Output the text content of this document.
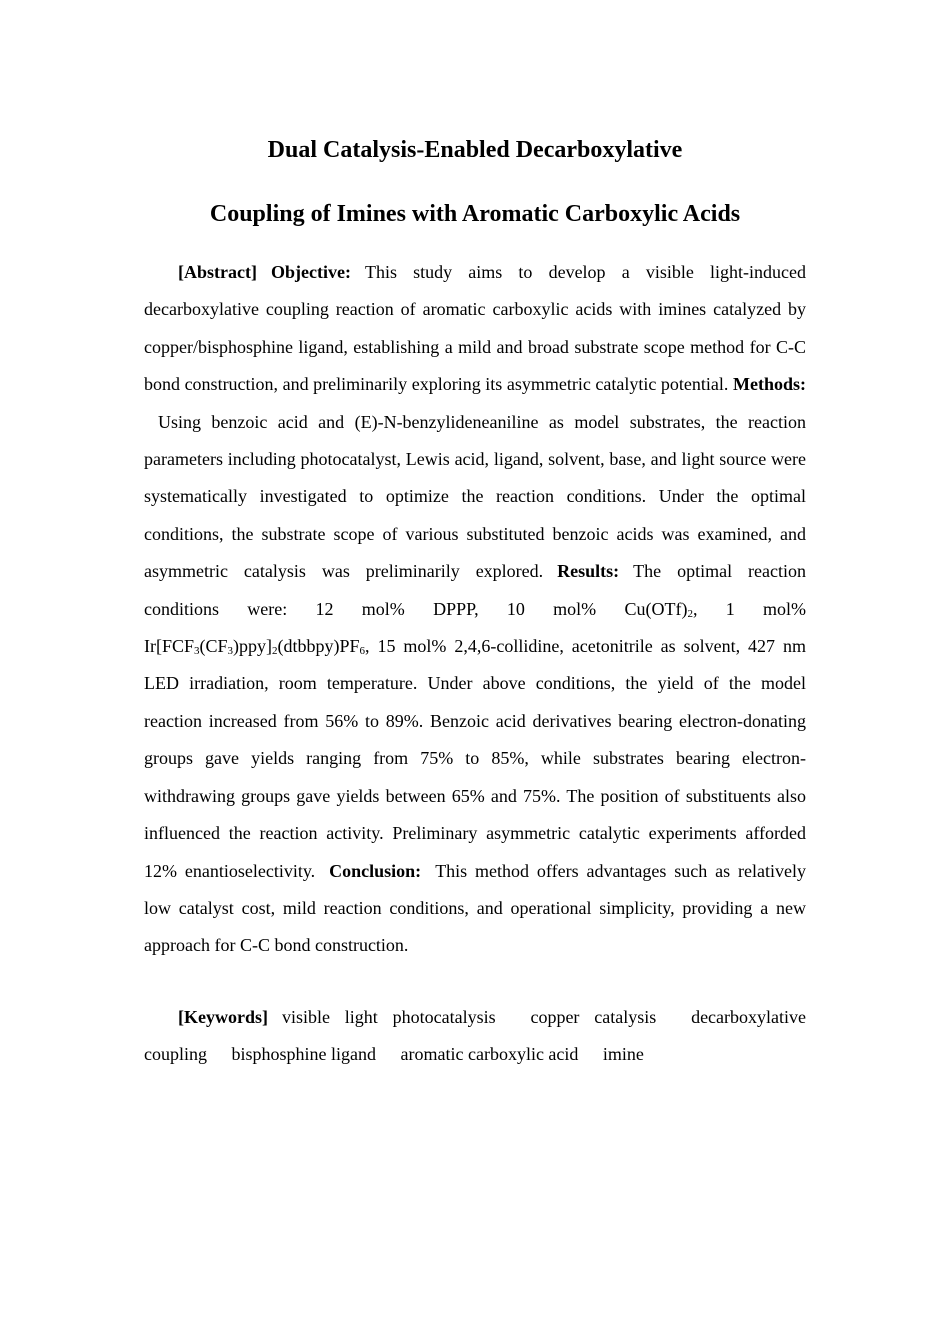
Dual Catalysis-Enabled Decarboxylative
Coupling of Imines with Aromatic Carboxylic Acids

[Abstract] Objective: This study aims to develop a visible light-induced decarboxylative coupling reaction of aromatic carboxylic acids with imines catalyzed by copper/bisphosphine ligand, establishing a mild and broad substrate scope method for C-C bond construction, and preliminarily exploring its asymmetric catalytic potential. Methods:Using benzoic acid and (E)-N-benzylideneaniline as model substrates, the reaction parameters including photocatalyst, Lewis acid, ligand, solvent, base, and light source were systematically investigated to optimize the reaction conditions. Under the optimal conditions, the substrate scope of various substituted benzoic acids was examined, and asymmetric catalysis was preliminarily explored. Results: The optimal reaction conditions were: 12 mol% DPPP, 10 mol% $Cu(OTf)_2$, 1 mol% $Ir[FCF_3(CF_3)ppy]_2(dtbbpy)PF_6$, 15 mol% 2,4,6-collidine, acetonitrile as solvent, 427 nm LED irradiation, room temperature. Under above conditions, the yield of the model reaction increased from 56% to 89%. Benzoic acid derivatives bearing electron-donating groups gave yields ranging from 75% to 85%, while substrates bearing electron-withdrawing groups gave yields between 65% and 75%. The position of substituents also influenced the reaction activity. Preliminary asymmetric catalytic experiments afforded 12% enantioselectivity. Conclusion: This method offers advantages such as relatively low catalyst cost, mild reaction conditions, and operational simplicity, providing a new approach for C-C bond construction.

[Keywords] visible light photocatalysis copper catalysis decarboxylative coupling bisphosphine ligand aromatic carboxylic acid imine
